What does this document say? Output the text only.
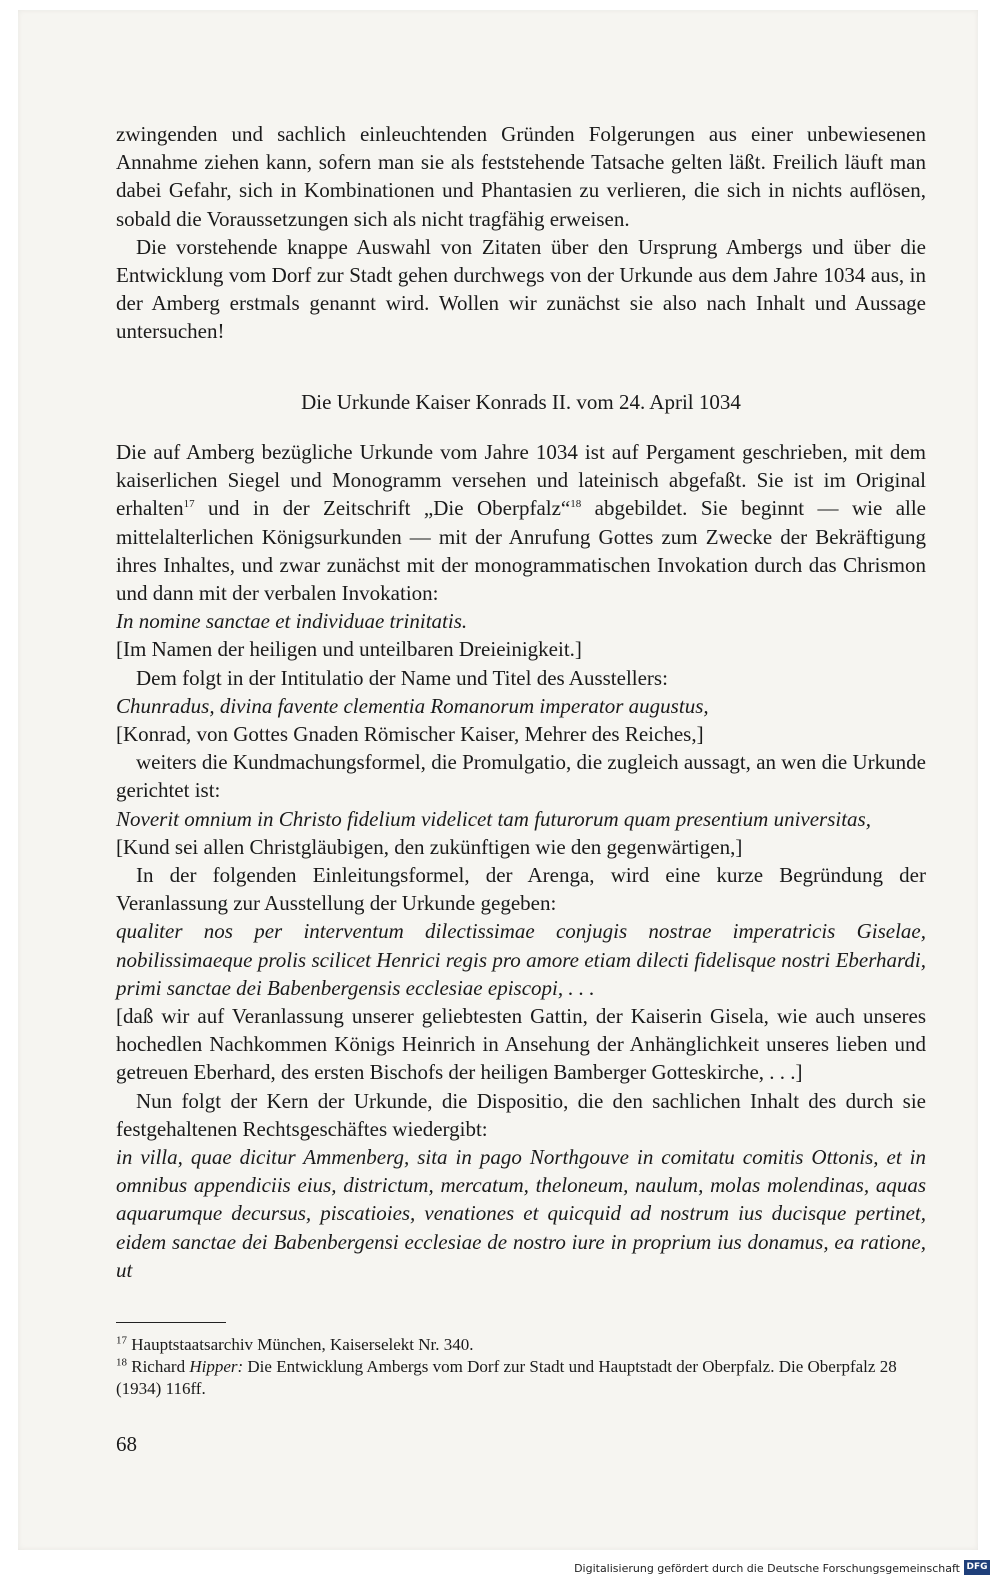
zwingenden und sachlich einleuchtenden Gründen Folgerungen aus einer unbewiesenen Annahme ziehen kann, sofern man sie als feststehende Tatsache gelten läßt. Freilich läuft man dabei Gefahr, sich in Kombinationen und Phantasien zu verlieren, die sich in nichts auflösen, sobald die Voraussetzungen sich als nicht tragfähig erweisen.

Die vorstehende knappe Auswahl von Zitaten über den Ursprung Ambergs und über die Entwicklung vom Dorf zur Stadt gehen durchwegs von der Urkunde aus dem Jahre 1034 aus, in der Amberg erstmals genannt wird. Wollen wir zunächst sie also nach Inhalt und Aussage untersuchen!

Die Urkunde Kaiser Konrads II. vom 24. April 1034

Die auf Amberg bezügliche Urkunde vom Jahre 1034 ist auf Pergament geschrieben, mit dem kaiserlichen Siegel und Monogramm versehen und lateinisch abgefaßt. Sie ist im Original erhalten$^{17}$ und in der Zeitschrift „Die Oberpfalz“$^{18}$ abgebildet. Sie beginnt — wie alle mittelalterlichen Königsurkunden — mit der Anrufung Gottes zum Zwecke der Bekräftigung ihres Inhaltes, und zwar zunächst mit der monogrammatischen Invokation durch das Chrismon und dann mit der verbalen Invokation:

In nomine sanctae et individuae trinitatis.

[Im Namen der heiligen und unteilbaren Dreieinigkeit.]

Dem folgt in der Intitulatio der Name und Titel des Ausstellers:

Chunradus, divina favente clementia Romanorum imperator augustus,

[Konrad, von Gottes Gnaden Römischer Kaiser, Mehrer des Reiches,]

weiters die Kundmachungsformel, die Promulgatio, die zugleich aussagt, an wen die Urkunde gerichtet ist:

Noverit omnium in Christo fidelium videlicet tam futurorum quam presentium universitas,

[Kund sei allen Christgläubigen, den zukünftigen wie den gegenwärtigen,]

In der folgenden Einleitungsformel, der Arenga, wird eine kurze Begründung der Veranlassung zur Ausstellung der Urkunde gegeben:

qualiter nos per interventum dilectissimae conjugis nostrae imperatricis Giselae, nobilissimaeque prolis scilicet Henrici regis pro amore etiam dilecti fidelisque nostri Eberhardi, primi sanctae dei Babenbergensis ecclesiae episcopi, . . .

[daß wir auf Veranlassung unserer geliebtesten Gattin, der Kaiserin Gisela, wie auch unseres hochedlen Nachkommen Königs Heinrich in Ansehung der Anhänglichkeit unseres lieben und getreuen Eberhard, des ersten Bischofs der heiligen Bamberger Gotteskirche, . . .]

Nun folgt der Kern der Urkunde, die Dispositio, die den sachlichen Inhalt des durch sie festgehaltenen Rechtsgeschäftes wiedergibt:

in villa, quae dicitur Ammenberg, sita in pago Northgouve in comitatu comitis Ottonis, et in omnibus appendiciis eius, districtum, mercatum, theloneum, naulum, molas molendinas, aquas aquarumque decursus, piscatioies, venationes et quicquid ad nostrum ius ducisque pertinet, eidem sanctae dei Babenbergensi ecclesiae de nostro iure in proprium ius donamus, ea ratione, ut

$^{17}$ Hauptstaatsarchiv München, Kaiserselekt Nr. 340.

$^{18}$ Richard Hipper: Die Entwicklung Ambergs vom Dorf zur Stadt und Hauptstadt der Oberpfalz. Die Oberpfalz 28 (1934) 116ff.

68
Digitalisierung gefördert durch die Deutsche Forschungsgemeinschaft DFG
